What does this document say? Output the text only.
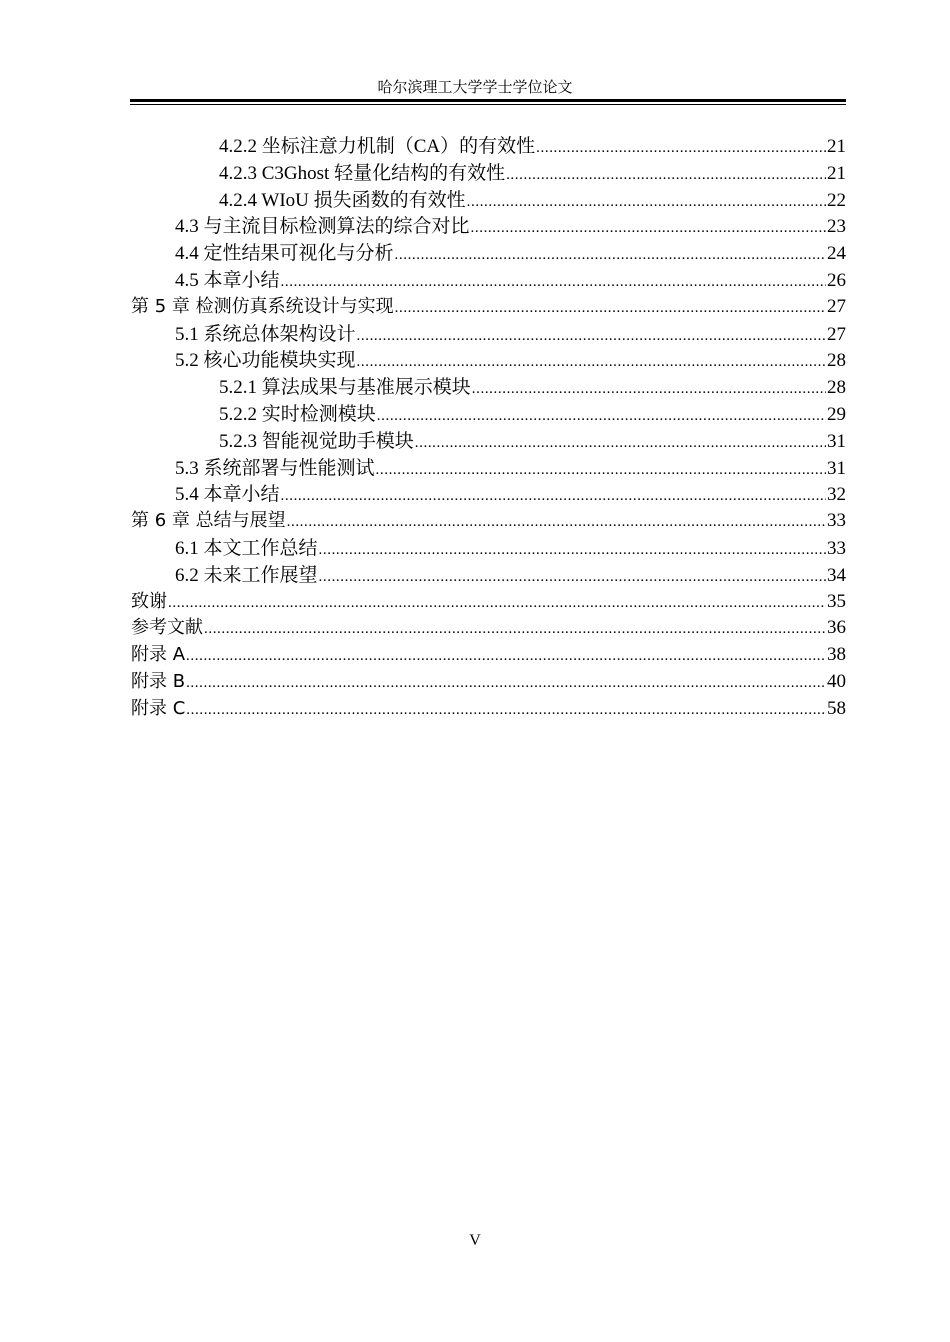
哈尔滨理工大学学士学位论文
4.2.2 坐标注意力机制（CA）的有效性 .....	21
4.2.3 C3Ghost 轻量化结构的有效性 .....	21
4.2.4 WIoU 损失函数的有效性 .....	22
4.3 与主流目标检测算法的综合对比 .....	23
4.4 定性结果可视化与分析 .....	24
4.5 本章小结 .....	26
第 5 章 检测仿真系统设计与实现 .....	27
5.1 系统总体架构设计 .....	27
5.2 核心功能模块实现 .....	28
5.2.1 算法成果与基准展示模块 .....	28
5.2.2 实时检测模块 .....	29
5.2.3 智能视觉助手模块 .....	31
5.3 系统部署与性能测试 .....	31
5.4 本章小结 .....	32
第 6 章 总结与展望 .....	33
6.1 本文工作总结 .....	33
6.2 未来工作展望 .....	34
致谢 .....	35
参考文献 .....	36
附录 A .....	38
附录 B .....	40
附录 C .....	58
V
